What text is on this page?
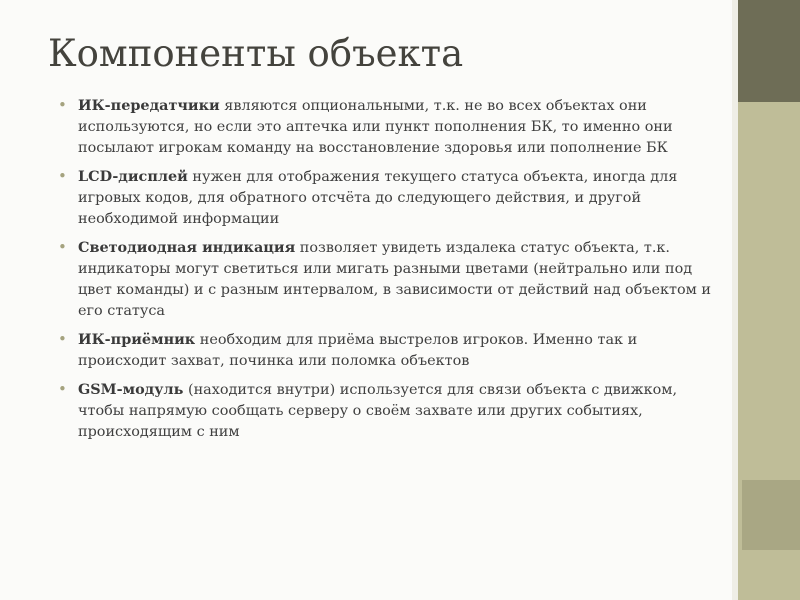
Компоненты объекта
• ИК-передатчики являются опциональными, т.к. не во всех объектах они используются, но если это аптечка или пункт пополнения БК, то именно они посылают игрокам команду на восстановление здоровья или пополнение БК
• LCD-дисплей нужен для отображения текущего статуса объекта, иногда для игровых кодов, для обратного отсчёта до следующего действия, и другой необходимой информации
• Светодиодная индикация позволяет увидеть издалека статус объекта, т.к. индикаторы могут светиться или мигать разными цветами (нейтрально или под цвет команды) и с разным интервалом, в зависимости от действий над объектом и его статуса
• ИК-приёмник необходим для приёма выстрелов игроков. Именно так и происходит захват, починка или поломка объектов
• GSM-модуль (находится внутри) используется для связи объекта с движком, чтобы напрямую сообщать серверу о своём захвате или других событиях, происходящим с ним
